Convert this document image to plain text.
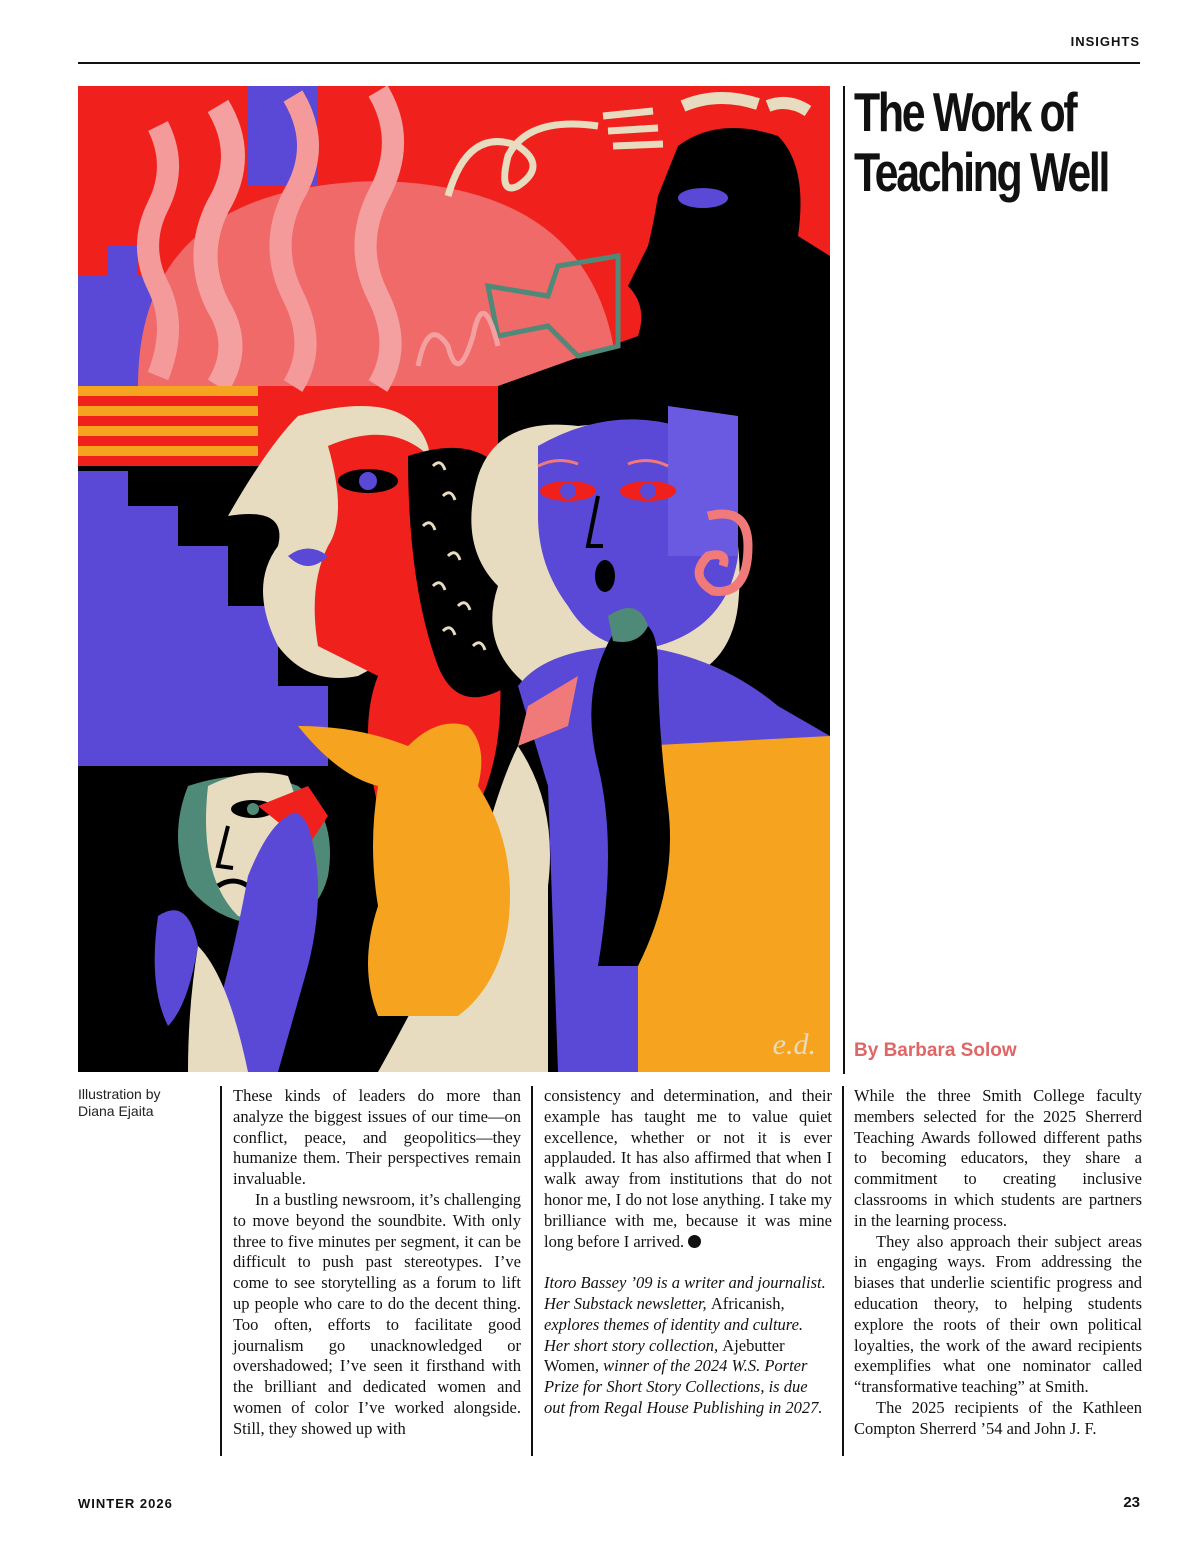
INSIGHTS
e.d.
The Work of
Teaching Well
By Barbara Solow
Illustration by
Diana Ejaita

These kinds of leaders do more than analyze the biggest issues of our time—on conflict, peace, and geopolitics—they humanize them. Their perspectives remain invaluable.

In a bustling newsroom, it’s challenging to move beyond the soundbite. With only three to five minutes per segment, it can be difficult to push past stereotypes. I’ve come to see storytelling as a forum to lift up people who care to do the decent thing. Too often, efforts to facilitate good journalism go unacknowledged or overshadowed; I’ve seen it firsthand with the brilliant and dedicated women and women of color I’ve worked alongside. Still, they showed up with

consistency and determination, and their example has taught me to value quiet excellence, whether or not it is ever applauded. It has also affirmed that when I walk away from institutions that do not honor me, I do not lose anything. I take my brilliance with me, because it was mine long before I arrived.

Itoro Bassey ’09 is a writer and journalist. Her Substack newsletter, Africanish, explores themes of identity and culture. Her short story collection, Ajebutter Women, winner of the 2024 W.S. Porter Prize for Short Story Collections, is due out from Regal House Publishing in 2027.

While the three Smith College faculty members selected for the 2025 Sherrerd Teaching Awards followed different paths to becoming educators, they share a commitment to creating inclusive classrooms in which students are partners in the learning process.

They also approach their subject areas in engaging ways. From addressing the biases that underlie scientific progress and education theory, to helping students explore the roots of their own political loyalties, the work of the award recipients exemplifies what one nominator called “transformative teaching” at Smith.

The 2025 recipients of the Kathleen Compton Sherrerd ’54 and John J. F.

WINTER 2026	23
